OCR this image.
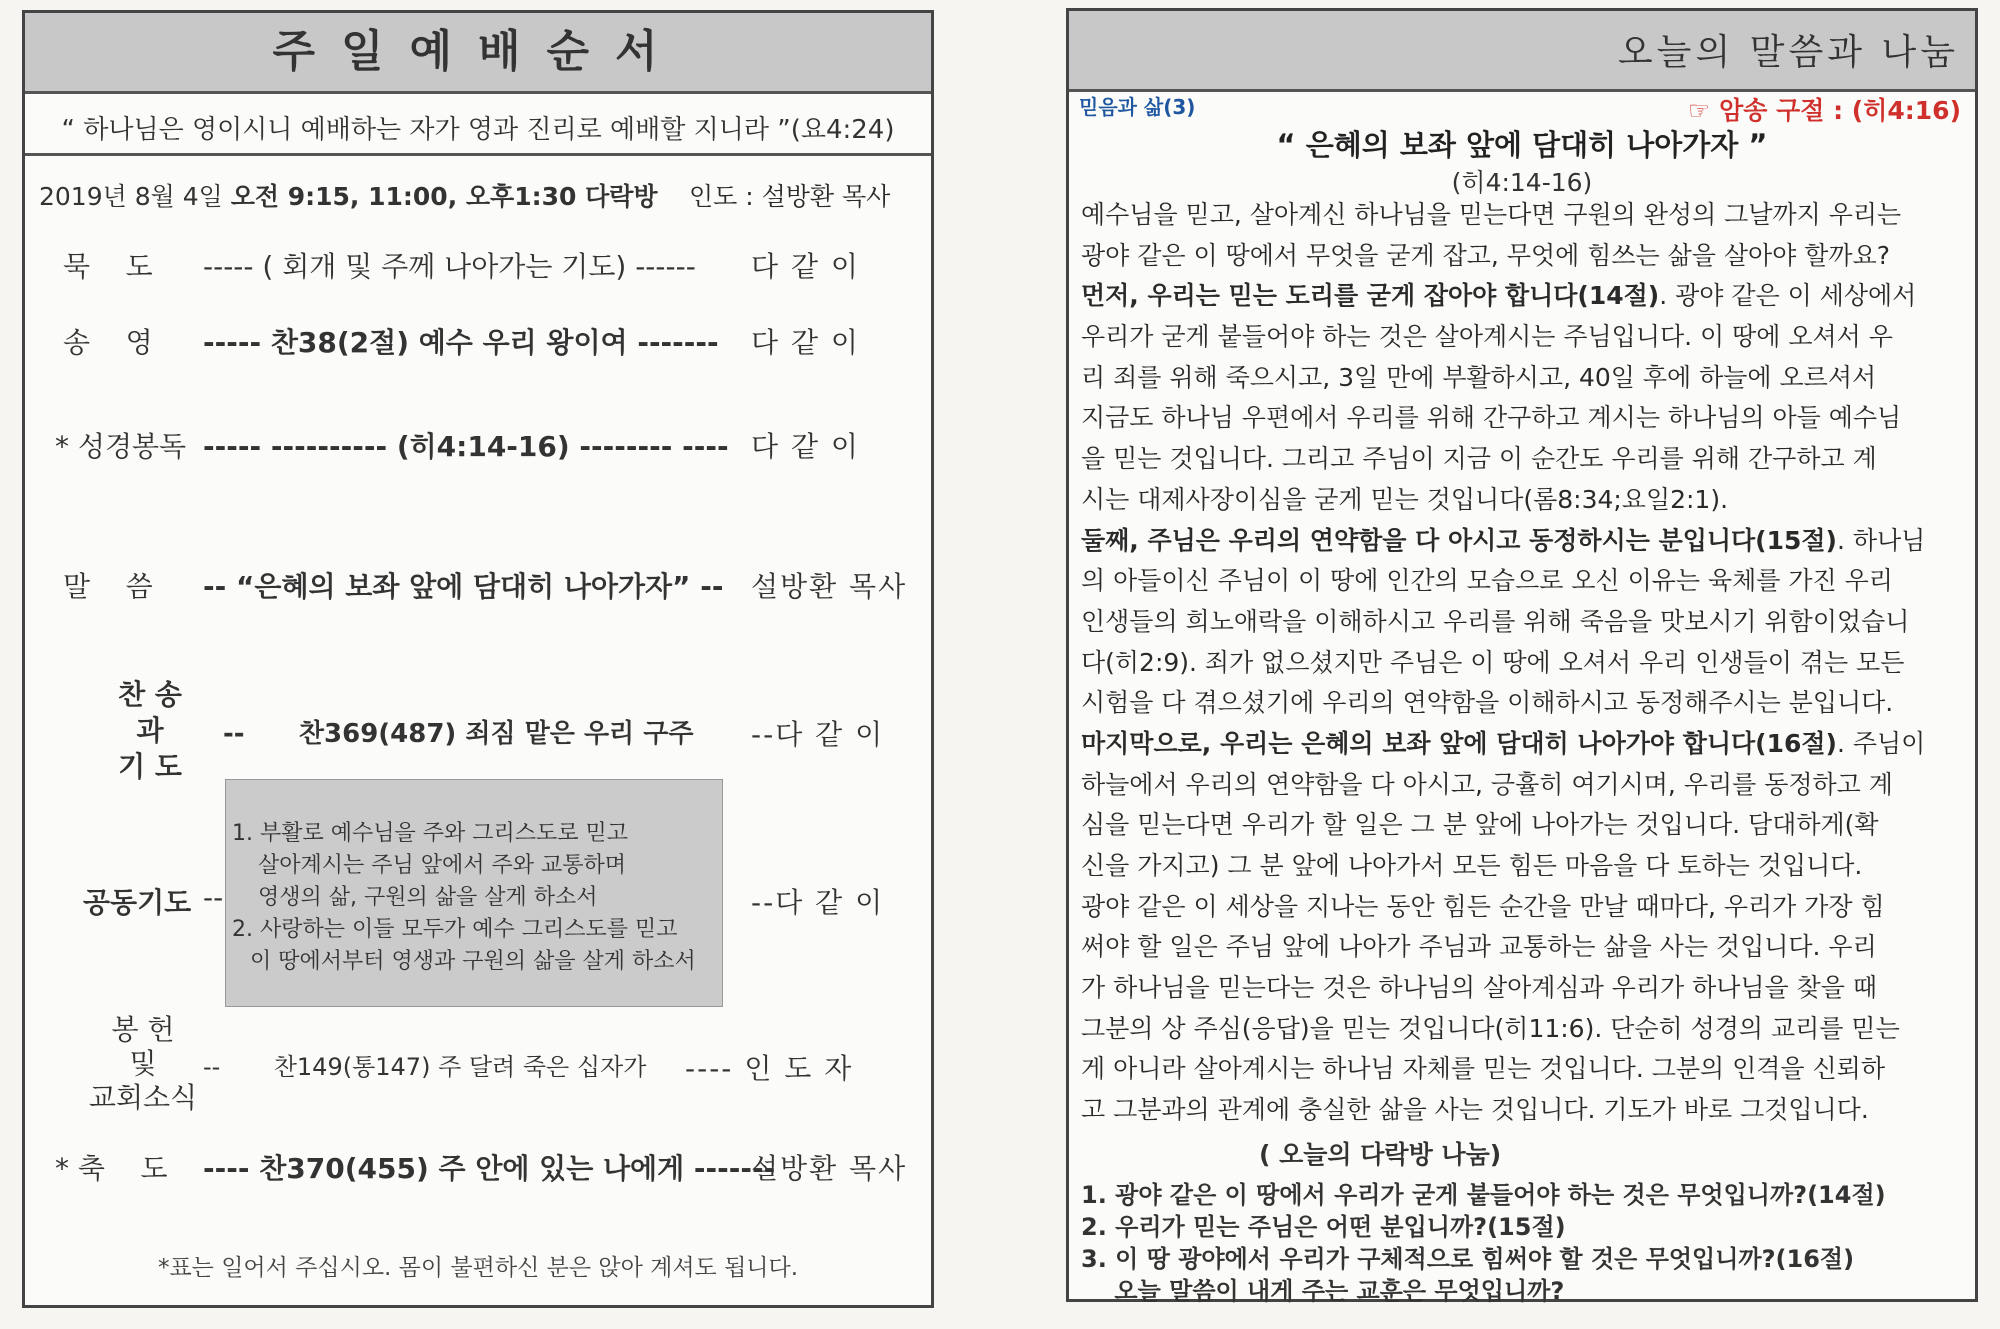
주일예배순서
“ 하나님은 영이시니 예배하는 자가 영과 진리로 예배할 지니라 ”(요4:24)
2019년 8월 4일 오전 9:15, 11:00, 오후1:30 다락방 인도 : 설방환 목사
묵    도 ----- ( 회개 및 주께 나아가는 기도) ------ 다 같 이
송    영 ----- 찬38(2절) 예수 우리 왕이여 ------- 다 같 이
* 성경봉독 ----- ---------- (히4:14-16) -------- ---- 다 같 이
말    씀 -- “은혜의 보좌 앞에 담대히 나아가자” -- 설방환 목사
찬 송
과
기 도
--      찬369(487) 죄짐 맡은 우리 구주 --다 같 이
공동기도 --	--다 같 이
1. 부활로 예수님을 주와 그리스도로 믿고
살아계시는 주님 앞에서 주와 교통하며
영생의 삶, 구원의 삶을 살게 하소서
2. 사랑하는 이들 모두가 예수 그리스도를 믿고
이 땅에서부터 영생과 구원의 삶을 살게 하소서
봉 헌
및
교회소식
--       찬149(통147) 주 달려 죽은 십자가 ---- 인 도 자
* 축    도 ---- 찬370(455) 주 안에 있는 나에게 -------
설방환 목사
*표는 일어서 주십시오. 몸이 불편하신 분은 앉아 계셔도 됩니다.
오늘의 말씀과 나눔
믿음과 삶(3)	☞ 암송 구절 : (히4:16)
“ 은혜의 보좌 앞에 담대히 나아가자 ”
(히4:14-16)
예수님을 믿고, 살아계신 하나님을 믿는다면 구원의 완성의 그날까지 우리는
광야 같은 이 땅에서 무엇을 굳게 잡고, 무엇에 힘쓰는 삶을 살아야 할까요?
먼저, 우리는 믿는 도리를 굳게 잡아야 합니다(14절). 광야 같은 이 세상에서
우리가 굳게 붙들어야 하는 것은 살아계시는 주님입니다. 이 땅에 오셔서 우
리 죄를 위해 죽으시고, 3일 만에 부활하시고, 40일 후에 하늘에 오르셔서
지금도 하나님 우편에서 우리를 위해 간구하고 계시는 하나님의 아들 예수님
을 믿는 것입니다. 그리고 주님이 지금 이 순간도 우리를 위해 간구하고 계
시는 대제사장이심을 굳게 믿는 것입니다(롬8:34;요일2:1).
둘째, 주님은 우리의 연약함을 다 아시고 동정하시는 분입니다(15절). 하나님
의 아들이신 주님이 이 땅에 인간의 모습으로 오신 이유는 육체를 가진 우리
인생들의 희노애락을 이해하시고 우리를 위해 죽음을 맛보시기 위함이었습니
다(히2:9). 죄가 없으셨지만 주님은 이 땅에 오셔서 우리 인생들이 겪는 모든
시험을 다 겪으셨기에 우리의 연약함을 이해하시고 동정해주시는 분입니다.
마지막으로, 우리는 은혜의 보좌 앞에 담대히 나아가야 합니다(16절). 주님이
하늘에서 우리의 연약함을 다 아시고, 긍휼히 여기시며, 우리를 동정하고 계
심을 믿는다면 우리가 할 일은 그 분 앞에 나아가는 것입니다. 담대하게(확
신을 가지고) 그 분 앞에 나아가서 모든 힘든 마음을 다 토하는 것입니다.
광야 같은 이 세상을 지나는 동안 힘든 순간을 만날 때마다, 우리가 가장 힘
써야 할 일은 주님 앞에 나아가 주님과 교통하는 삶을 사는 것입니다. 우리
가 하나님을 믿는다는 것은 하나님의 살아계심과 우리가 하나님을 찾을 때
그분의 상 주심(응답)을 믿는 것입니다(히11:6). 단순히 성경의 교리를 믿는
게 아니라 살아계시는 하나님 자체를 믿는 것입니다. 그분의 인격을 신뢰하
고 그분과의 관계에 충실한 삶을 사는 것입니다. 기도가 바로 그것입니다.
( 오늘의 다락방 나눔)
1. 광야 같은 이 땅에서 우리가 굳게 붙들어야 하는 것은 무엇입니까?(14절)
2. 우리가 믿는 주님은 어떤 분입니까?(15절)
3. 이 땅 광야에서 우리가 구체적으로 힘써야 할 것은 무엇입니까?(16절)
오늘 말씀이 내게 주는 교훈은 무엇입니까?
